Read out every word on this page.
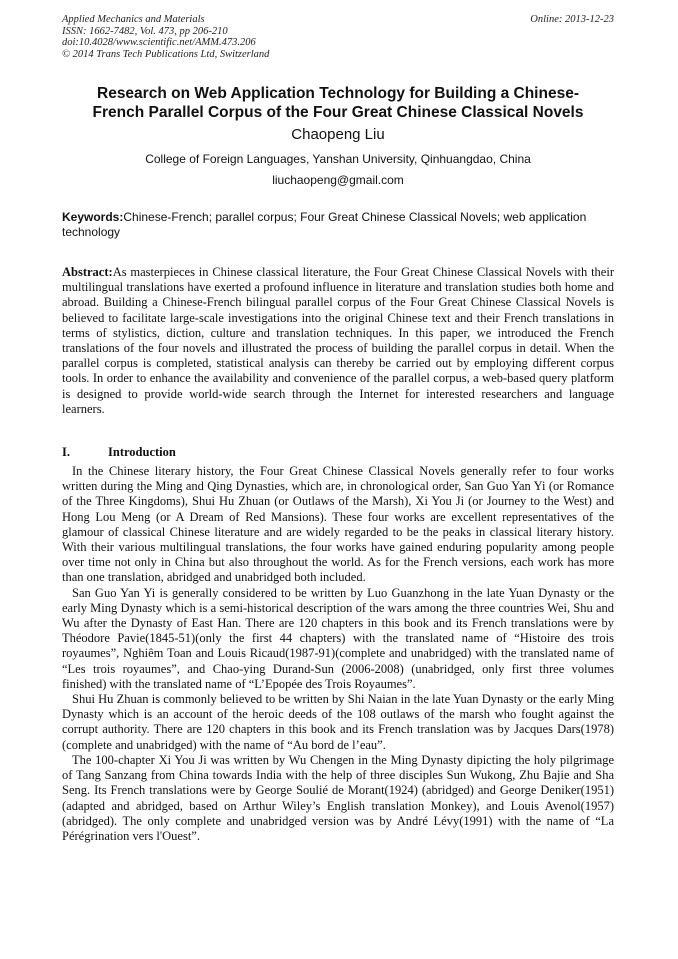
Applied Mechanics and Materials
ISSN: 1662-7482, Vol. 473, pp 206-210
doi:10.4028/www.scientific.net/AMM.473.206
© 2014 Trans Tech Publications Ltd, Switzerland
Online: 2013-12-23
Research on Web Application Technology for Building a Chinese-French Parallel Corpus of the Four Great Chinese Classical Novels
Chaopeng Liu
College of Foreign Languages, Yanshan University, Qinhuangdao, China
liuchaopeng@gmail.com
Keywords:Chinese-French; parallel corpus; Four Great Chinese Classical Novels; web application technology
Abstract:As masterpieces in Chinese classical literature, the Four Great Chinese Classical Novels with their multilingual translations have exerted a profound influence in literature and translation studies both home and abroad. Building a Chinese-French bilingual parallel corpus of the Four Great Chinese Classical Novels is believed to facilitate large-scale investigations into the original Chinese text and their French translations in terms of stylistics, diction, culture and translation techniques. In this paper, we introduced the French translations of the four novels and illustrated the process of building the parallel corpus in detail. When the parallel corpus is completed, statistical analysis can thereby be carried out by employing different corpus tools. In order to enhance the availability and convenience of the parallel corpus, a web-based query platform is designed to provide world-wide search through the Internet for interested researchers and language learners.
I.	Introduction

In the Chinese literary history, the Four Great Chinese Classical Novels generally refer to four works written during the Ming and Qing Dynasties, which are, in chronological order, San Guo Yan Yi (or Romance of the Three Kingdoms), Shui Hu Zhuan (or Outlaws of the Marsh), Xi You Ji (or Journey to the West) and Hong Lou Meng (or A Dream of Red Mansions). These four works are excellent representatives of the glamour of classical Chinese literature and are widely regarded to be the peaks in classical literary history. With their various multilingual translations, the four works have gained enduring popularity among people over time not only in China but also throughout the world. As for the French versions, each work has more than one translation, abridged and unabridged both included.

San Guo Yan Yi is generally considered to be written by Luo Guanzhong in the late Yuan Dynasty or the early Ming Dynasty which is a semi-historical description of the wars among the three countries Wei, Shu and Wu after the Dynasty of East Han. There are 120 chapters in this book and its French translations were by Théodore Pavie(1845-51)(only the first 44 chapters) with the translated name of “Histoire des trois royaumes”, Nghiêm Toan and Louis Ricaud(1987-91)(complete and unabridged) with the translated name of “Les trois royaumes”, and Chao-ying Durand-Sun (2006-2008) (unabridged, only first three volumes finished) with the translated name of “L’Epopée des Trois Royaumes”.

Shui Hu Zhuan is commonly believed to be written by Shi Naian in the late Yuan Dynasty or the early Ming Dynasty which is an account of the heroic deeds of the 108 outlaws of the marsh who fought against the corrupt authority. There are 120 chapters in this book and its French translation was by Jacques Dars(1978)(complete and unabridged) with the name of “Au bord de l’eau”.

The 100-chapter Xi You Ji was written by Wu Chengen in the Ming Dynasty dipicting the holy pilgrimage of Tang Sanzang from China towards India with the help of three disciples Sun Wukong, Zhu Bajie and Sha Seng. Its French translations were by George Soulié de Morant(1924) (abridged) and George Deniker(1951) (adapted and abridged, based on Arthur Wiley’s English translation Monkey), and Louis Avenol(1957) (abridged). The only complete and unabridged version was by André Lévy(1991) with the name of “La Pérégrination vers l'Ouest”.
